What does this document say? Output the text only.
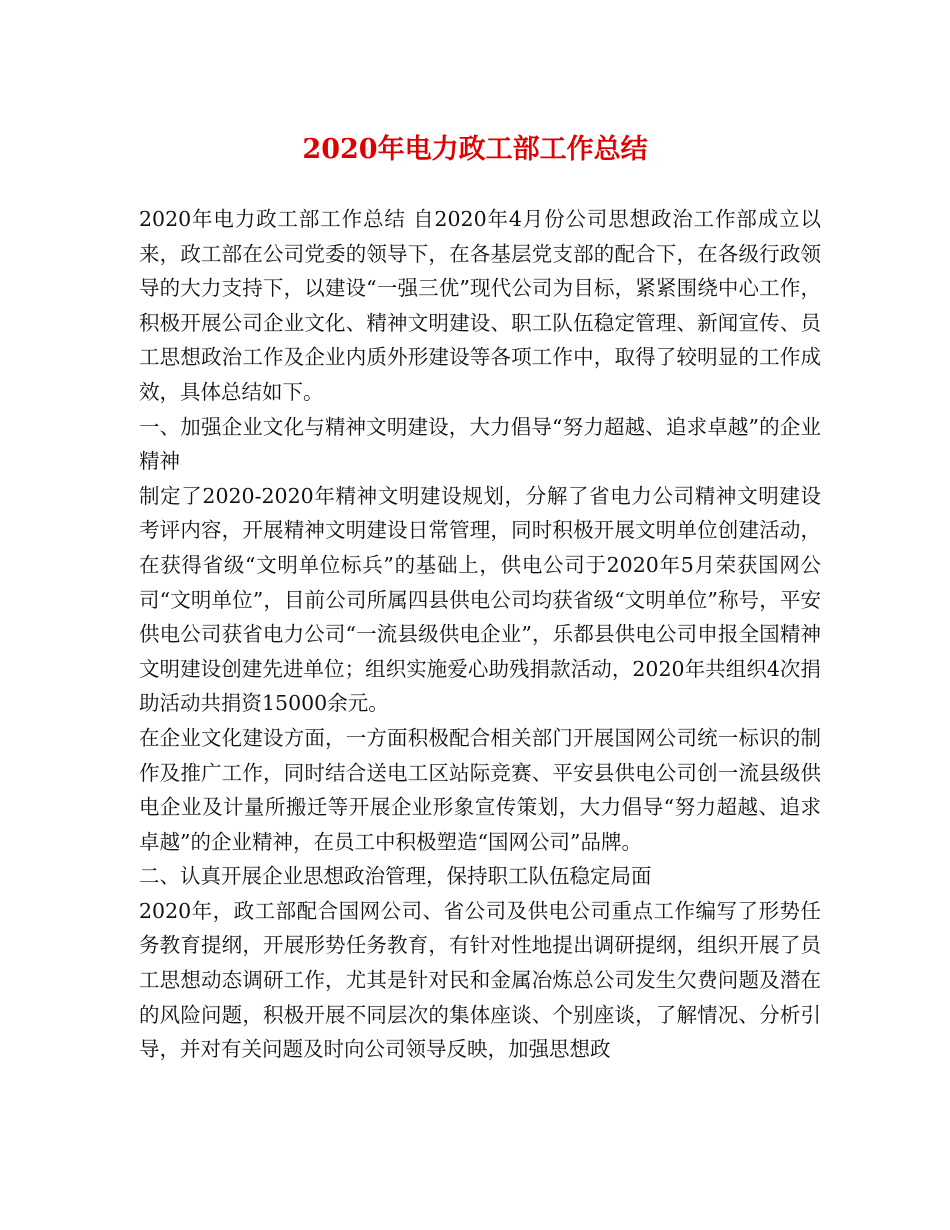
2020年电力政工部工作总结

2020年电力政工部工作总结 自2020年4月份公司思想政治工作部成立以来，政工部在公司党委的领导下，在各基层党支部的配合下，在各级行政领导的大力支持下，以建设“一强三优”现代公司为目标，紧紧围绕中心工作，积极开展公司企业文化、精神文明建设、职工队伍稳定管理、新闻宣传、员工思想政治工作及企业内质外形建设等各项工作中，取得了较明显的工作成效，具体总结如下。

一、加强企业文化与精神文明建设，大力倡导“努力超越、追求卓越”的企业精神

制定了2020-2020年精神文明建设规划，分解了省电力公司精神文明建设考评内容，开展精神文明建设日常管理，同时积极开展文明单位创建活动，在获得省级“文明单位标兵”的基础上，供电公司于2020年5月荣获国网公司“文明单位”，目前公司所属四县供电公司均获省级“文明单位”称号，平安供电公司获省电力公司“一流县级供电企业”，乐都县供电公司申报全国精神文明建设创建先进单位；组织实施爱心助残捐款活动，2020年共组织4次捐助活动共捐资15000余元。

在企业文化建设方面，一方面积极配合相关部门开展国网公司统一标识的制作及推广工作，同时结合送电工区站际竞赛、平安县供电公司创一流县级供电企业及计量所搬迁等开展企业形象宣传策划，大力倡导“努力超越、追求卓越”的企业精神，在员工中积极塑造“国网公司”品牌。

二、认真开展企业思想政治管理，保持职工队伍稳定局面

2020年，政工部配合国网公司、省公司及供电公司重点工作编写了形势任务教育提纲，开展形势任务教育，有针对性地提出调研提纲，组织开展了员工思想动态调研工作，尤其是针对民和金属冶炼总公司发生欠费问题及潜在的风险问题，积极开展不同层次的集体座谈、个别座谈，了解情况、分析引导，并对有关问题及时向公司领导反映，加强思想政
